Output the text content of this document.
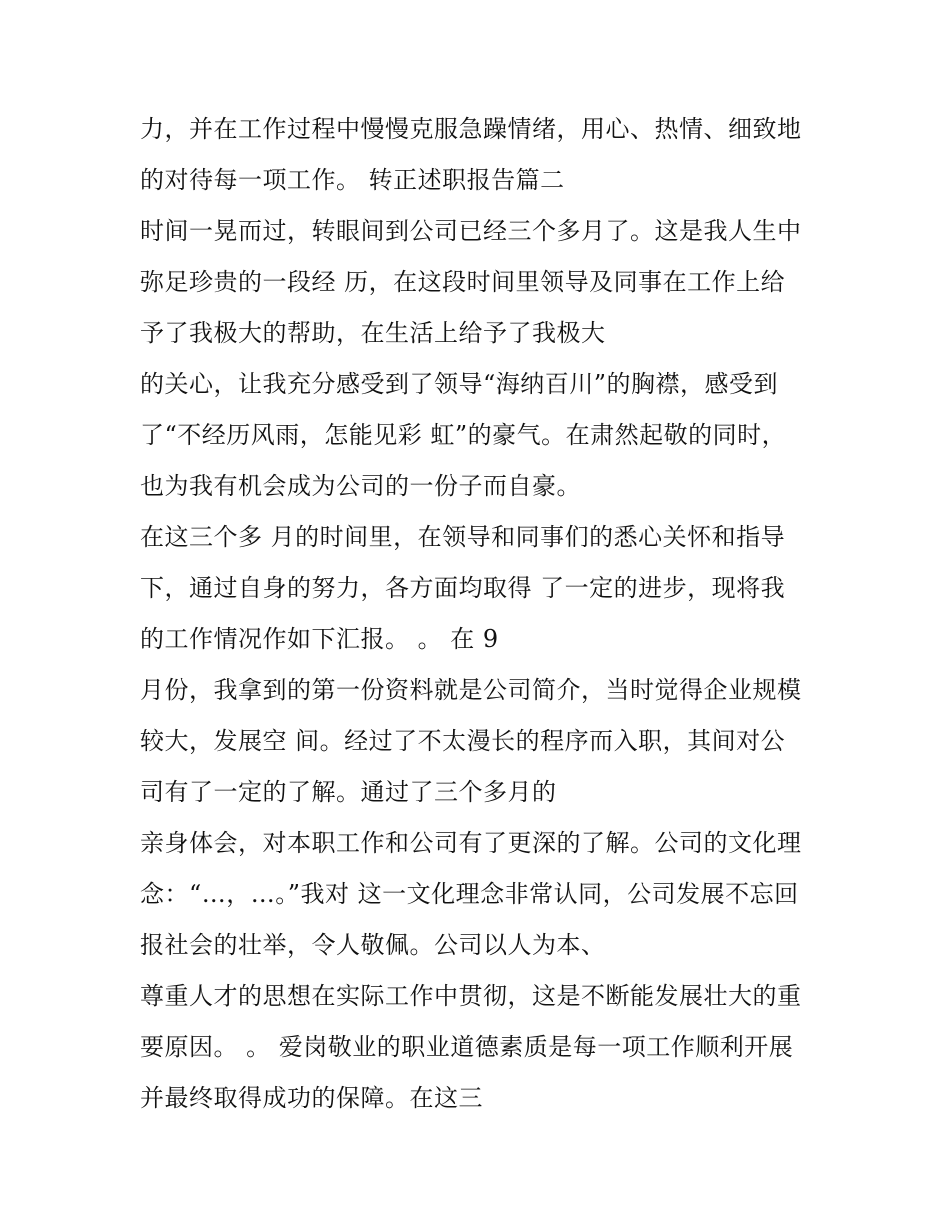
力，并在工作过程中慢慢克服急躁情绪，用心、热情、细致地
的对待每一项工作。 转正述职报告篇二
时间一晃而过，转眼间到公司已经三个多月了。这是我人生中
弥足珍贵的一段经 历，在这段时间里领导及同事在工作上给
予了我极大的帮助，在生活上给予了我极大
的关心，让我充分感受到了领导“海纳百川”的胸襟，感受到
了“不经历风雨，怎能见彩 虹”的豪气。在肃然起敬的同时，
也为我有机会成为公司的一份子而自豪。
在这三个多 月的时间里，在领导和同事们的悉心关怀和指导
下，通过自身的努力，各方面均取得 了一定的进步，现将我
的工作情况作如下汇报。 。 在 9
月份，我拿到的第一份资料就是公司简介，当时觉得企业规模
较大，发展空 间。经过了不太漫长的程序而入职，其间对公
司有了一定的了解。通过了三个多月的
亲身体会，对本职工作和公司有了更深的了解。公司的文化理
念：“…，…。”我对 这一文化理念非常认同，公司发展不忘回
报社会的壮举，令人敬佩。公司以人为本、
尊重人才的思想在实际工作中贯彻，这是不断能发展壮大的重
要原因。 。 爱岗敬业的职业道德素质是每一项工作顺利开展
并最终取得成功的保障。在这三
